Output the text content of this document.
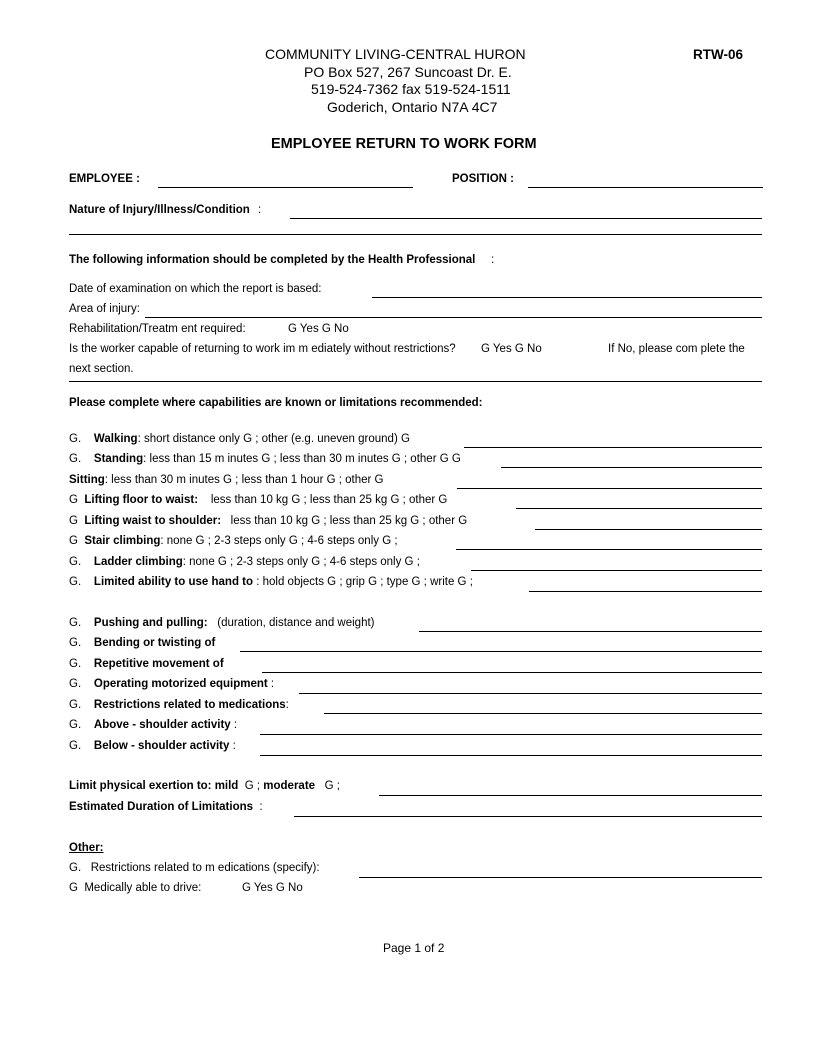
COMMUNITY LIVING-CENTRAL HURON
PO Box 527, 267 Suncoast Dr. E.
519-524-7362 fax 519-524-1511
Goderich, Ontario N7A 4C7
RTW-06
EMPLOYEE RETURN TO WORK FORM
EMPLOYEE :	POSITION :
Nature of Injury/Illness/Condition :
The following information should be completed by the Health Professional :
Date of examination on which the report is based:
Area of injury:
Rehabilitation/Treatm ent required:	G Yes G No
Is the worker capable of returning to work im m ediately without restrictions? G Yes G No	If No, please com plete the
next section.
Please complete where capabilities are known or limitations recommended:
G. Walking: short distance only G ; other (e.g. uneven ground) G
G. Standing: less than 15 m inutes G ; less than 30 m inutes G ; other G G
Sitting: less than 30 m inutes G ; less than 1 hour G ; other G
G Lifting floor to waist: less than 10 kg G ; less than 25 kg G ; other G
G Lifting waist to shoulder: less than 10 kg G ; less than 25 kg G ; other G
G Stair climbing: none G ; 2-3 steps only G ; 4-6 steps only G ;
G. Ladder climbing: none G ; 2-3 steps only G ; 4-6 steps only G ;
G. Limited ability to use hand to : hold objects G ; grip G ; type G ; write G ;
G. Pushing and pulling: (duration, distance and weight)
G. Bending or twisting of
G. Repetitive movement of
G. Operating motorized equipment :
G. Restrictions related to medications:
G. Above - shoulder activity :
G. Below - shoulder activity :
Limit physical exertion to: mild G ; moderate G ;
Estimated Duration of Limitations :
Other:
G. Restrictions related to m edications (specify):
G Medically able to drive:	G Yes G No
Page 1 of 2
